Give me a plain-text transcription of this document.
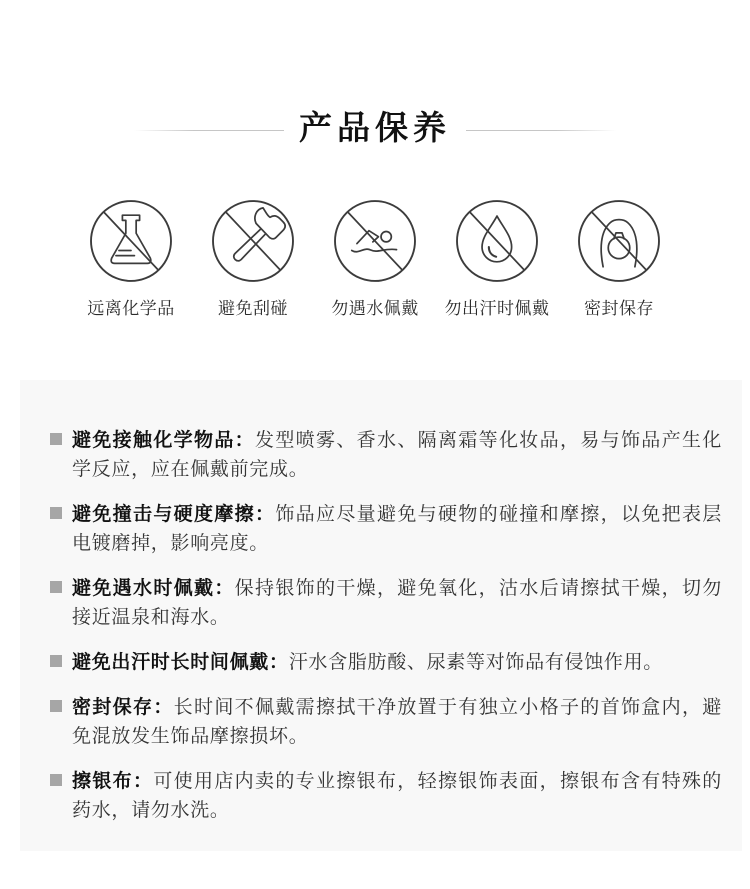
产品保养
远离化学品	避免刮碰	勿遇水佩戴 勿出汗时佩戴 密封保存

避免接触化学物品：发型喷雾、香水、隔离霜等化妆品，易与饰品产生化学反应，应在佩戴前完成。

避免撞击与硬度摩擦：饰品应尽量避免与硬物的碰撞和摩擦，以免把表层电镀磨掉，影响亮度。

避免遇水时佩戴：保持银饰的干燥，避免氧化，沽水后请擦拭干燥，切勿接近温泉和海水。

避免出汗时长时间佩戴：汗水含脂肪酸、尿素等对饰品有侵蚀作用。

密封保存：长时间不佩戴需擦拭干净放置于有独立小格子的首饰盒内，避免混放发生饰品摩擦损坏。

擦银布：可使用店内卖的专业擦银布，轻擦银饰表面，擦银布含有特殊的药水，请勿水洗。
